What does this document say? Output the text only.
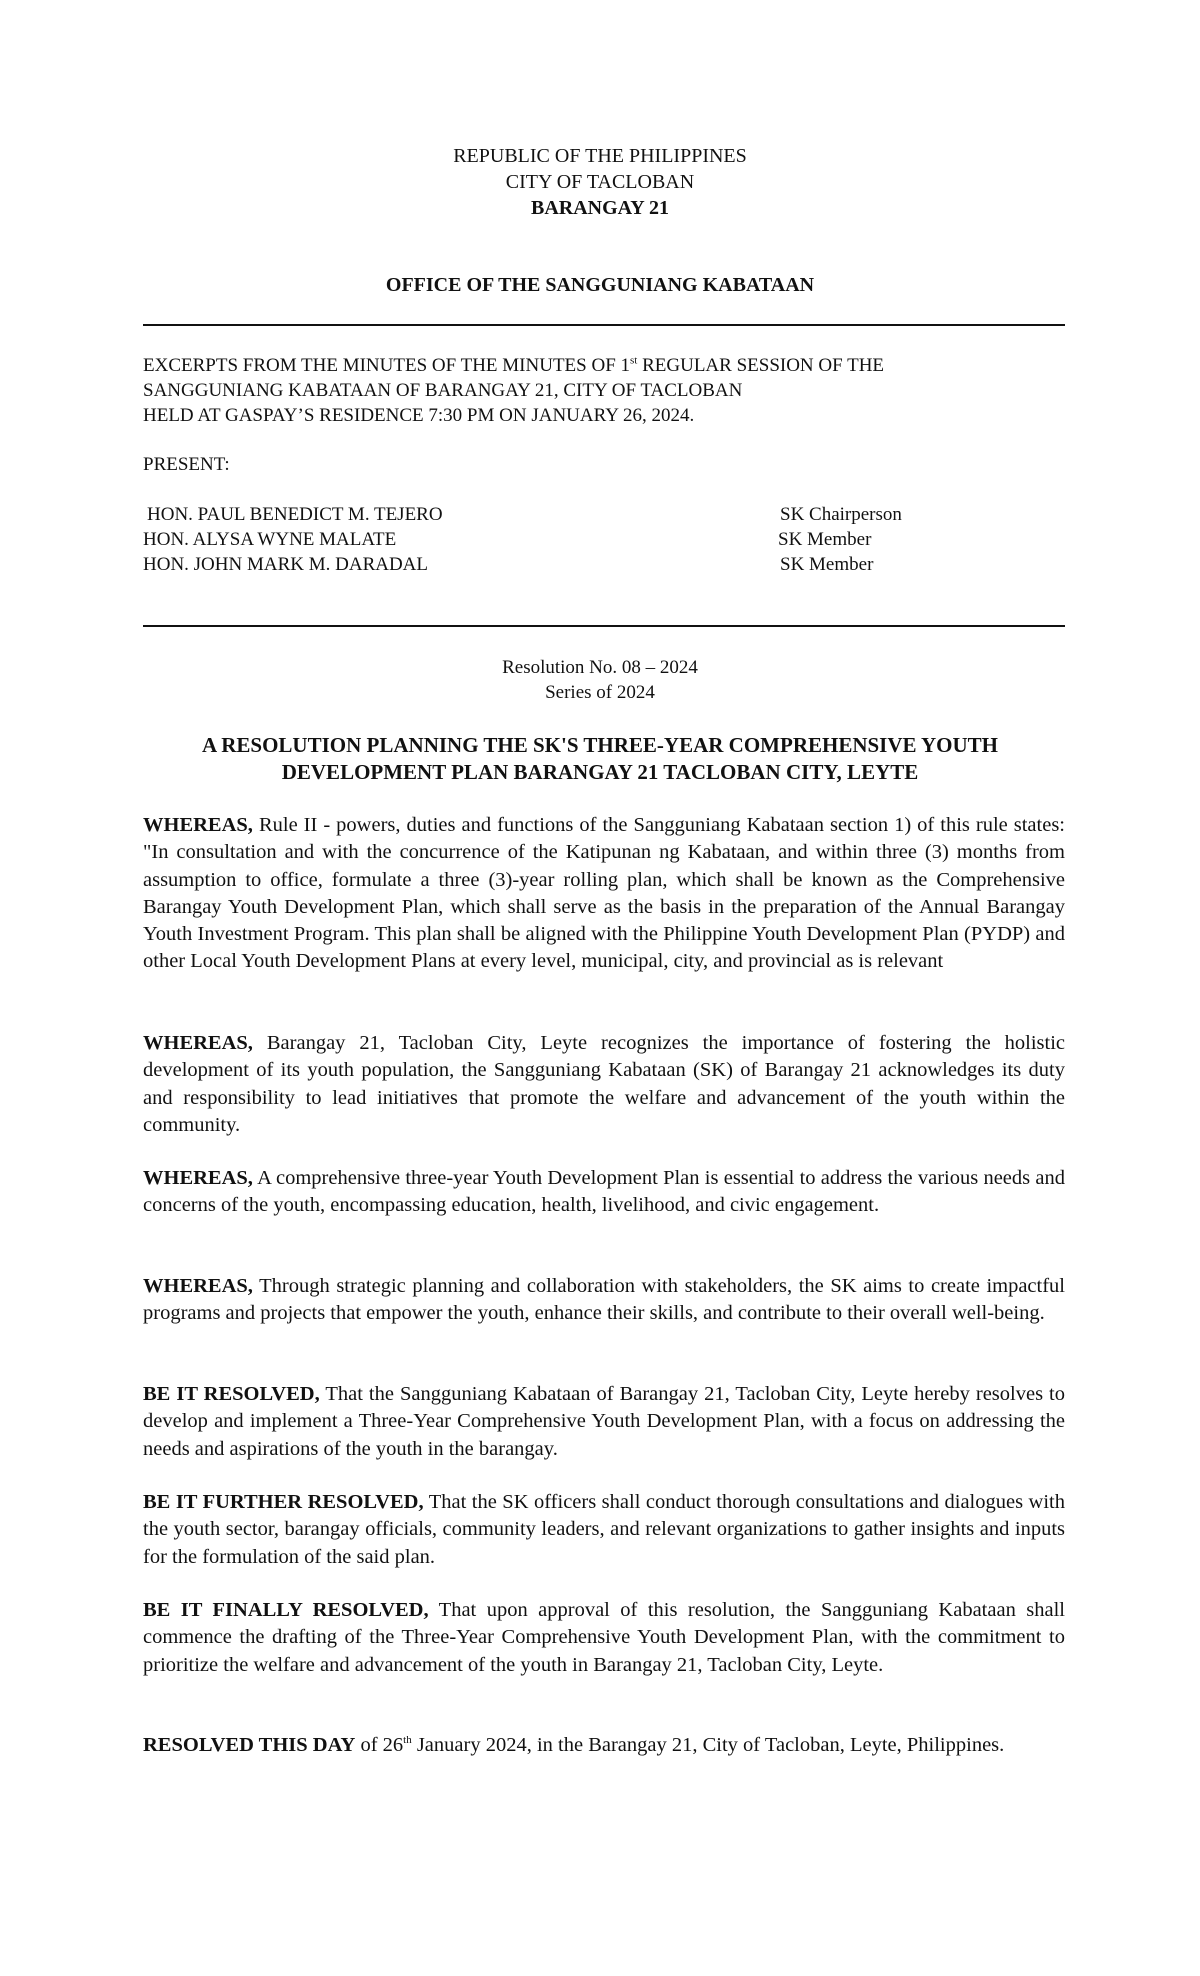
REPUBLIC OF THE PHILIPPINES
CITY OF TACLOBAN
BARANGAY 21
OFFICE OF THE SANGGUNIANG KABATAAN
EXCERPTS FROM THE MINUTES OF THE MINUTES OF 1st REGULAR SESSION OF THE
SANGGUNIANG KABATAAN OF BARANGAY 21, CITY OF TACLOBAN
HELD AT GASPAY’S RESIDENCE 7:30 PM ON JANUARY 26, 2024.
PRESENT:
HON. PAUL BENEDICT M. TEJERO	SK Chairperson
HON. ALYSA WYNE MALATE	SK Member
HON. JOHN MARK M. DARADAL	SK Member
Resolution No. 08 – 2024
Series of 2024
A RESOLUTION PLANNING THE SK'S THREE-YEAR COMPREHENSIVE YOUTH
DEVELOPMENT PLAN BARANGAY 21 TACLOBAN CITY, LEYTE
WHEREAS, Rule II - powers, duties and functions of the Sangguniang Kabataan section 1) of this rule states: "In consultation and with the concurrence of the Katipunan ng Kabataan, and within three (3) months from assumption to office, formulate a three (3)-year rolling plan, which shall be known as the Comprehensive Barangay Youth Development Plan, which shall serve as the basis in the preparation of the Annual Barangay Youth Investment Program. This plan shall be aligned with the Philippine Youth Development Plan (PYDP) and other Local Youth Development Plans at every level, municipal, city, and provincial as is relevant
WHEREAS, Barangay 21, Tacloban City, Leyte recognizes the importance of fostering the holistic development of its youth population, the Sangguniang Kabataan (SK) of Barangay 21 acknowledges its duty and responsibility to lead initiatives that promote the welfare and advancement of the youth within the community.
WHEREAS, A comprehensive three-year Youth Development Plan is essential to address the various needs and concerns of the youth, encompassing education, health, livelihood, and civic engagement.
WHEREAS, Through strategic planning and collaboration with stakeholders, the SK aims to create impactful programs and projects that empower the youth, enhance their skills, and contribute to their overall well-being.
BE IT RESOLVED, That the Sangguniang Kabataan of Barangay 21, Tacloban City, Leyte hereby resolves to develop and implement a Three-Year Comprehensive Youth Development Plan, with a focus on addressing the needs and aspirations of the youth in the barangay.
BE IT FURTHER RESOLVED, That the SK officers shall conduct thorough consultations and dialogues with the youth sector, barangay officials, community leaders, and relevant organizations to gather insights and inputs for the formulation of the said plan.
BE IT FINALLY RESOLVED, That upon approval of this resolution, the Sangguniang Kabataan shall commence the drafting of the Three-Year Comprehensive Youth Development Plan, with the commitment to prioritize the welfare and advancement of the youth in Barangay 21, Tacloban City, Leyte.
RESOLVED THIS DAY of 26th January 2024, in the Barangay 21, City of Tacloban, Leyte, Philippines.
